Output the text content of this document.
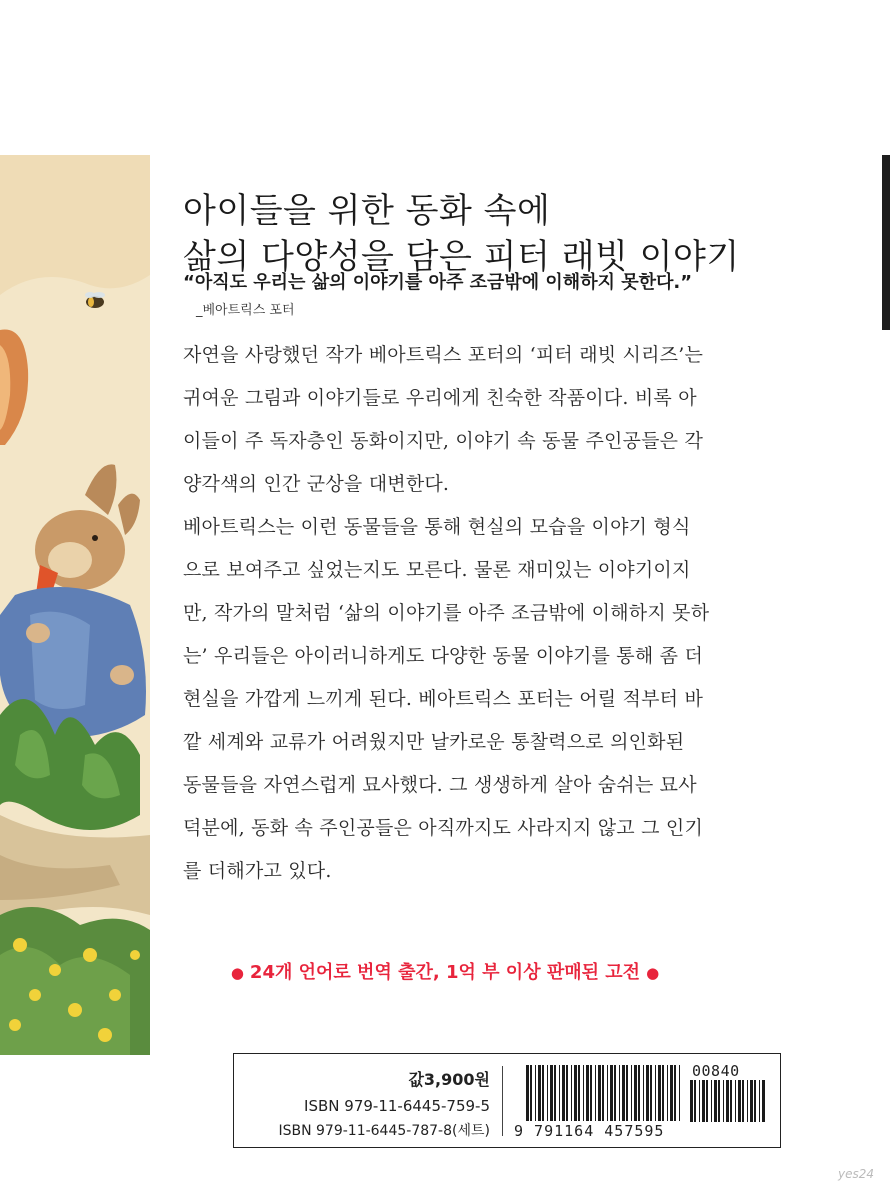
아이들을 위한 동화 속에
삶의 다양성을 담은 피터 래빗 이야기
“아직도 우리는 삶의 이야기를 아주 조금밖에 이해하지 못한다.”
_베아트릭스 포터
자연을 사랑했던 작가 베아트릭스 포터의 ‘피터 래빗 시리즈’는
귀여운 그림과 이야기들로 우리에게 친숙한 작품이다. 비록 아
이들이 주 독자층인 동화이지만, 이야기 속 동물 주인공들은 각
양각색의 인간 군상을 대변한다.
베아트릭스는 이런 동물들을 통해 현실의 모습을 이야기 형식
으로 보여주고 싶었는지도 모른다. 물론 재미있는 이야기이지
만, 작가의 말처럼 ‘삶의 이야기를 아주 조금밖에 이해하지 못하
는’ 우리들은 아이러니하게도 다양한 동물 이야기를 통해 좀 더
현실을 가깝게 느끼게 된다. 베아트릭스 포터는 어릴 적부터 바
깥 세계와 교류가 어려웠지만 날카로운 통찰력으로 의인화된
동물들을 자연스럽게 묘사했다. 그 생생하게 살아 숨쉬는 묘사
덕분에, 동화 속 주인공들은 아직까지도 사라지지 않고 그 인기
를 더해가고 있다.
● 24개 언어로 번역 출간, 1억 부 이상 판매된 고전 ●
값3,900원
ISBN 979-11-6445-759-5
ISBN 979-11-6445-787-8(세트)
00840
9 791164 457595
yes24
